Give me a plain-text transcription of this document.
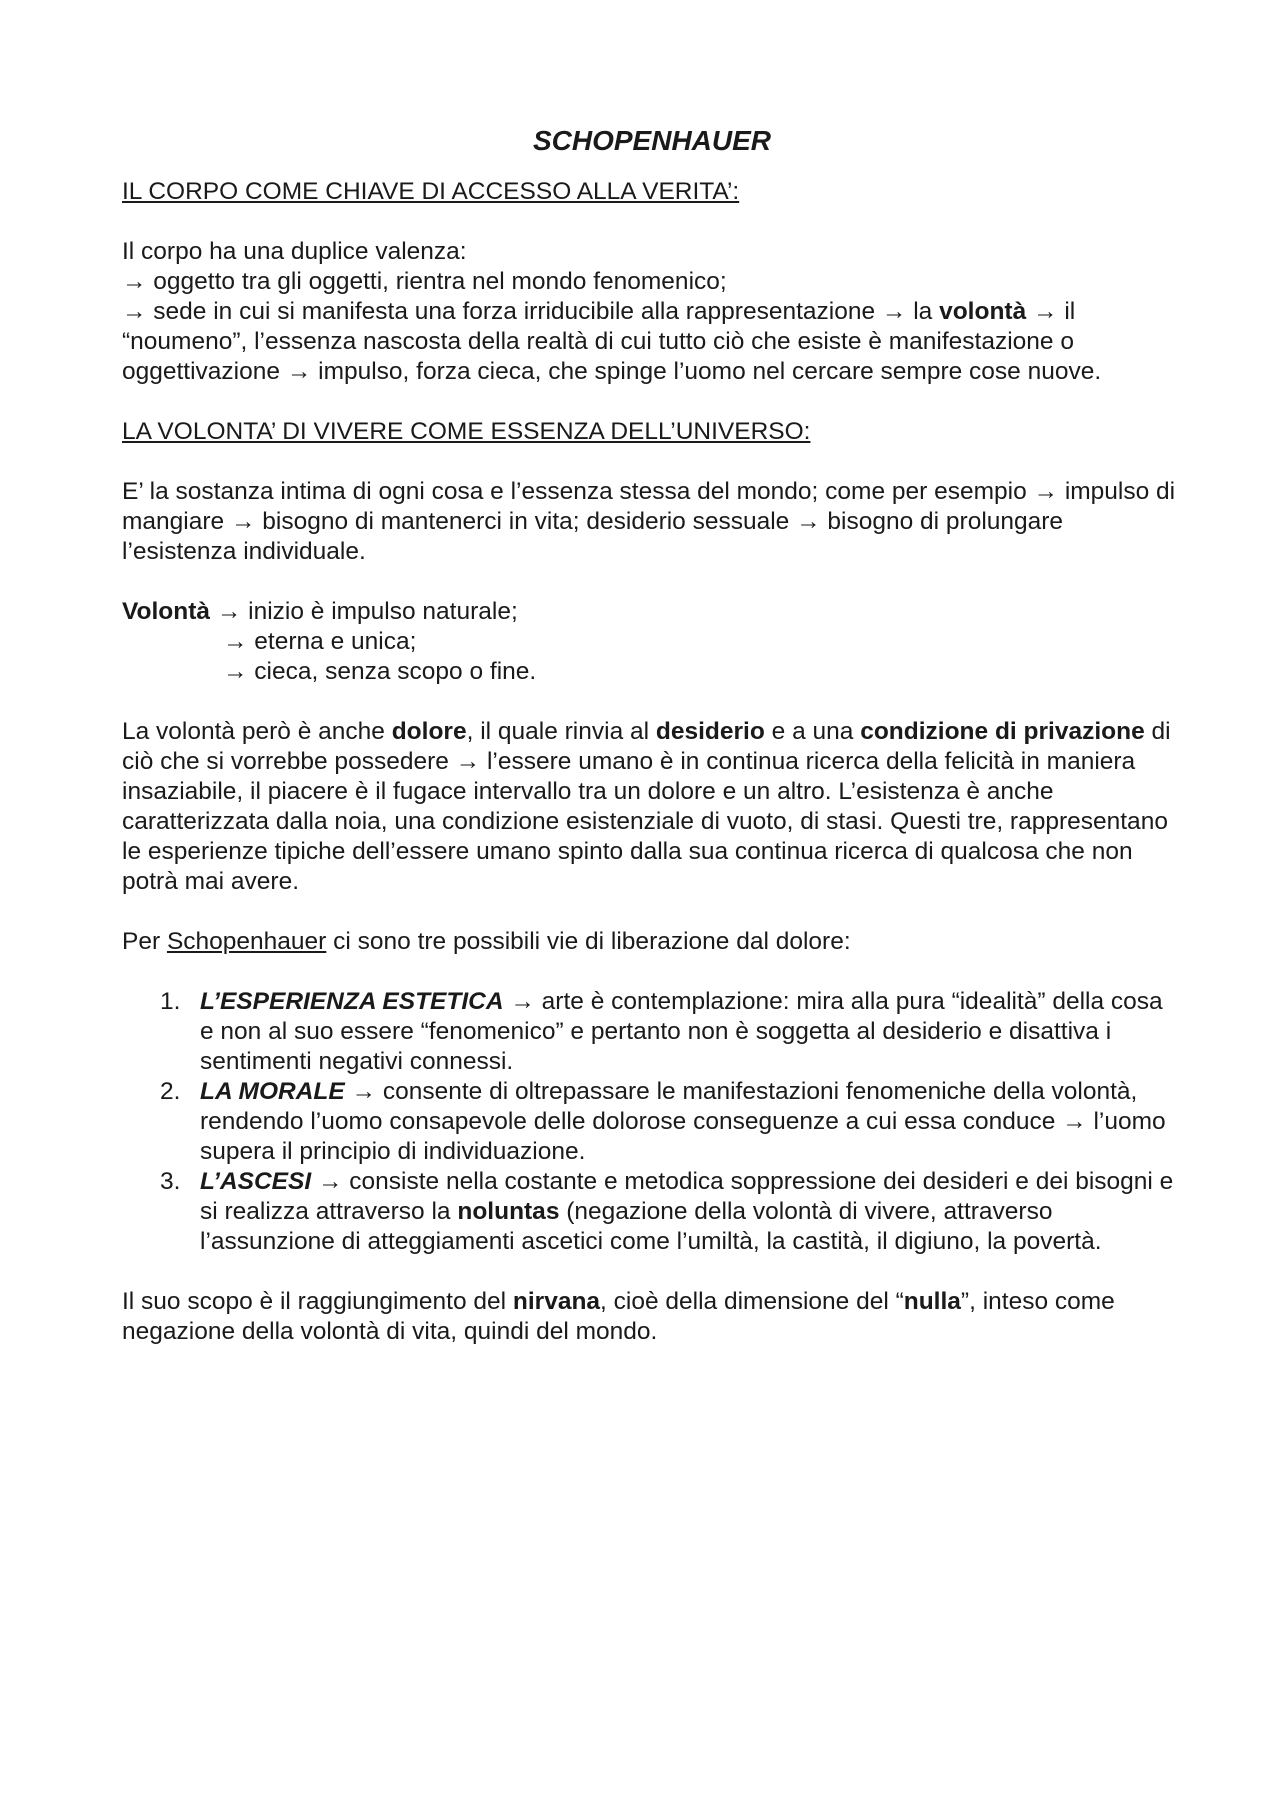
SCHOPENHAUER

IL CORPO COME CHIAVE DI ACCESSO ALLA VERITA’:

Il corpo ha una duplice valenza:

→ oggetto tra gli oggetti, rientra nel mondo fenomenico;

→ sede in cui si manifesta una forza irriducibile alla rappresentazione → la volontà → il “noumeno”, l’essenza nascosta della realtà di cui tutto ciò che esiste è manifestazione o oggettivazione → impulso, forza cieca, che spinge l’uomo nel cercare sempre cose nuove.

LA VOLONTA’ DI VIVERE COME ESSENZA DELL’UNIVERSO:

E’ la sostanza intima di ogni cosa e l’essenza stessa del mondo; come per esempio → impulso di mangiare → bisogno di mantenerci in vita; desiderio sessuale → bisogno di prolungare l’esistenza individuale.

Volontà → inizio è impulso naturale;

→ eterna e unica;

→ cieca, senza scopo o fine.

La volontà però è anche dolore, il quale rinvia al desiderio e a una condizione di privazione di ciò che si vorrebbe possedere → l’essere umano è in continua ricerca della felicità in maniera insaziabile, il piacere è il fugace intervallo tra un dolore e un altro. L’esistenza è anche caratterizzata dalla noia, una condizione esistenziale di vuoto, di stasi. Questi tre, rappresentano le esperienze tipiche dell’essere umano spinto dalla sua continua ricerca di qualcosa che non potrà mai avere.

Per Schopenhauer ci sono tre possibili vie di liberazione dal dolore:

1. L’ESPERIENZA ESTETICA → arte è contemplazione: mira alla pura “idealità” della cosa e non al suo essere “fenomenico” e pertanto non è soggetta al desiderio e disattiva i sentimenti negativi connessi.
2. LA MORALE → consente di oltrepassare le manifestazioni fenomeniche della volontà, rendendo l’uomo consapevole delle dolorose conseguenze a cui essa conduce → l’uomo supera il principio di individuazione.
3. L’ASCESI → consiste nella costante e metodica soppressione dei desideri e dei bisogni e si realizza attraverso la noluntas (negazione della volontà di vivere, attraverso l’assunzione di atteggiamenti ascetici come l’umiltà, la castità, il digiuno, la povertà.

Il suo scopo è il raggiungimento del nirvana, cioè della dimensione del “nulla”, inteso come negazione della volontà di vita, quindi del mondo.
